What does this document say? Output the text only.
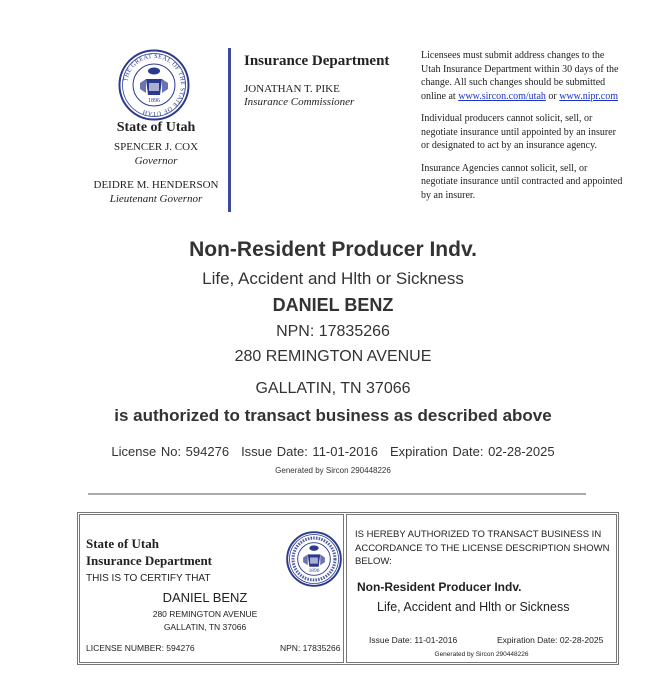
THE GREAT SEAL OF THE STATE OF UTAH
1896
State of Utah
SPENCER J. COX
Governor
DEIDRE M. HENDERSON
Lieutenant Governor
Insurance Department
JONATHAN T. PIKE
Insurance Commissioner
Licensees must submit address changes to the
Utah Insurance Department within 30 days of the
change. All such changes should be submitted
online at www.sircon.com/utah or www.nipr.com
Individual producers cannot solicit, sell, or
negotiate insurance until appointed by an insurer
or designated to act by an insurance agency.
Insurance Agencies cannot solicit, sell, or
negotiate insurance until contracted and appointed
by an insurer.
Non-Resident Producer Indv.
Life, Accident and Hlth or Sickness
DANIEL BENZ
NPN: 17835266
280 REMINGTON AVENUE
GALLATIN, TN 37066
is authorized to transact business as described above
License No: 594276 Issue Date: 11-01-2016 Expiration Date: 02-28-2025
Generated by Sircon 290448226
State of Utah
Insurance Department
THIS IS TO CERTIFY THAT
1896
DANIEL BENZ
280 REMINGTON AVENUE
GALLATIN, TN 37066
LICENSE NUMBER: 594276	NPN: 17835266
IS HEREBY AUTHORIZED TO TRANSACT BUSINESS IN ACCORDANCE TO THE LICENSE DESCRIPTION SHOWN BELOW:
Non-Resident Producer Indv.
Life, Accident and Hlth or Sickness
Issue Date: 11-01-2016	Expiration Date: 02-28-2025
Generated by Sircon 290448226
